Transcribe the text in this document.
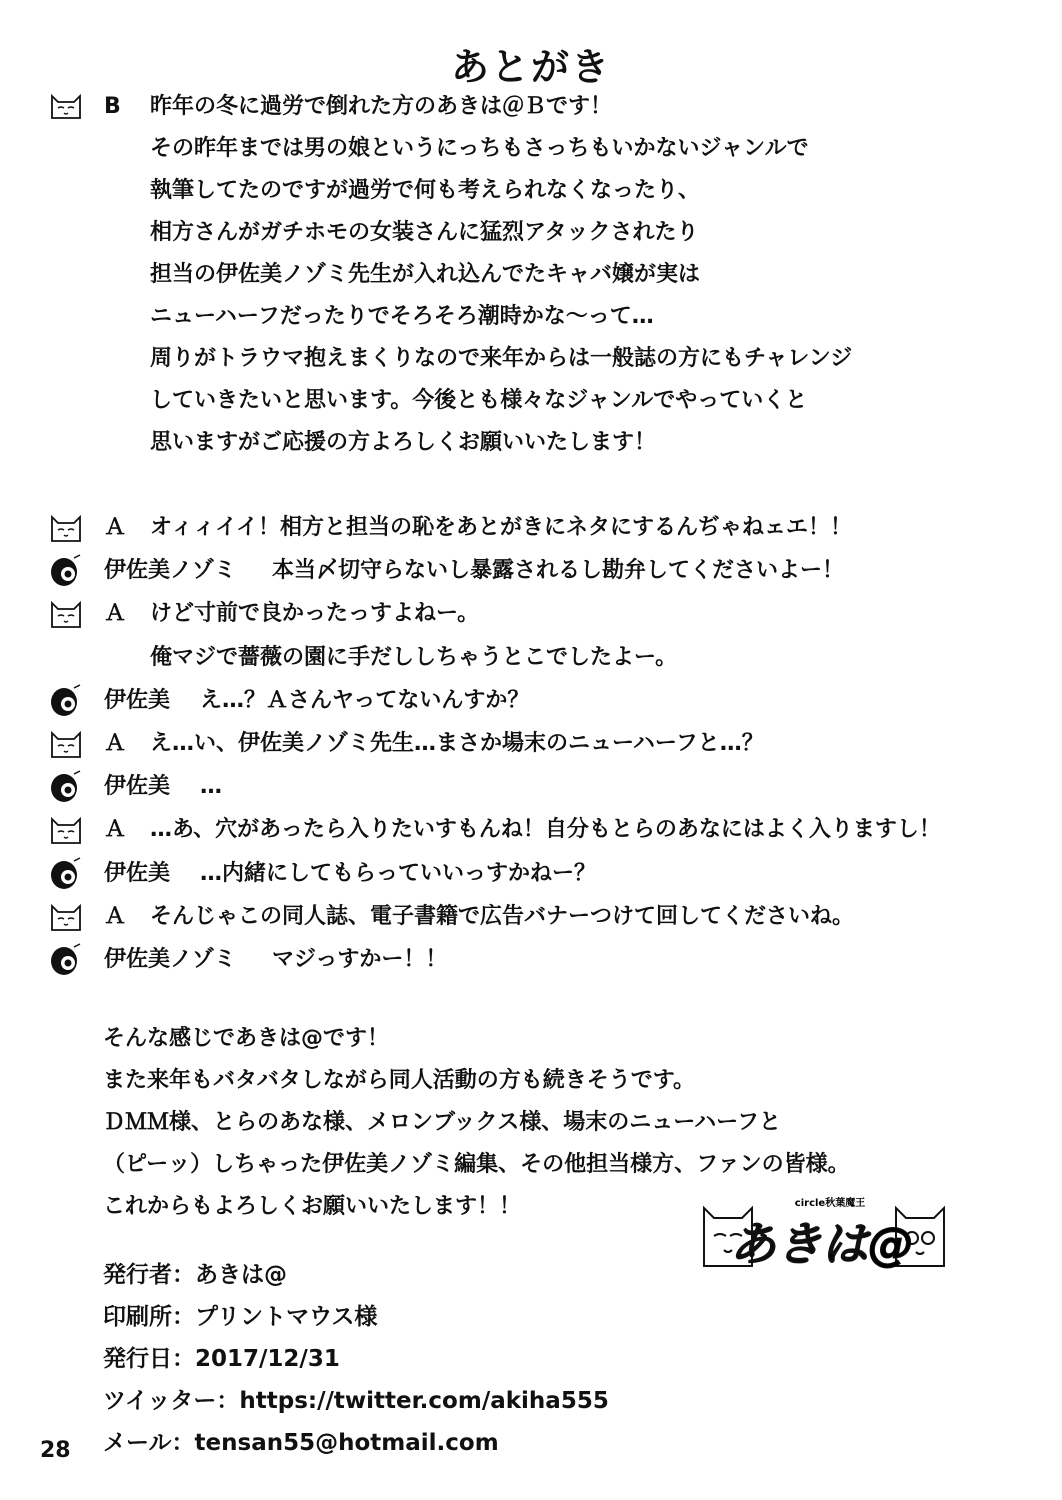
あとがき
B 昨年の冬に過労で倒れた方のあきは＠Ｂです！
その昨年までは男の娘というにっちもさっちもいかないジャンルで
執筆してたのですが過労で何も考えられなくなったり、
相方さんがガチホモの女装さんに猛烈アタックされたり
担当の伊佐美ノゾミ先生が入れ込んでたキャバ嬢が実は
ニューハーフだったりでそろそろ潮時かな〜って…
周りがトラウマ抱えまくりなので来年からは一般誌の方にもチャレンジ
していきたいと思います。今後とも様々なジャンルでやっていくと
思いますがご応援の方よろしくお願いいたします！
Ａ オィィイイ！相方と担当の恥をあとがきにネタにするんぢゃねェエ！！
伊佐美ノゾミ 本当〆切守らないし暴露されるし勘弁してくださいよー！
Ａ けど寸前で良かったっすよねー。
俺マジで薔薇の園に手だししちゃうとこでしたよー。
伊佐美 え…？Ａさんヤってないんすか？
Ａ え…い、伊佐美ノゾミ先生…まさか場末のニューハーフと…？
伊佐美 …
Ａ …あ、穴があったら入りたいすもんね！自分もとらのあなにはよく入りますし！
伊佐美 …内緒にしてもらっていいっすかねー？
Ａ そんじゃこの同人誌、電子書籍で広告バナーつけて回してくださいね。
伊佐美ノゾミ マジっすかー！！
そんな感じであきは@です！
また来年もバタバタしながら同人活動の方も続きそうです。
ＤＭＭ様、とらのあな様、メロンブックス様、場末のニューハーフと
（ピーッ）しちゃった伊佐美ノゾミ編集、その他担当様方、ファンの皆様。
これからもよろしくお願いいたします！！	circle秋葉魔王
あきは@
発行者：あきは@
印刷所：プリントマウス様
発行日：2017/12/31
ツイッター：https://twitter.com/akiha555
メール：tensan55@hotmail.com
28
